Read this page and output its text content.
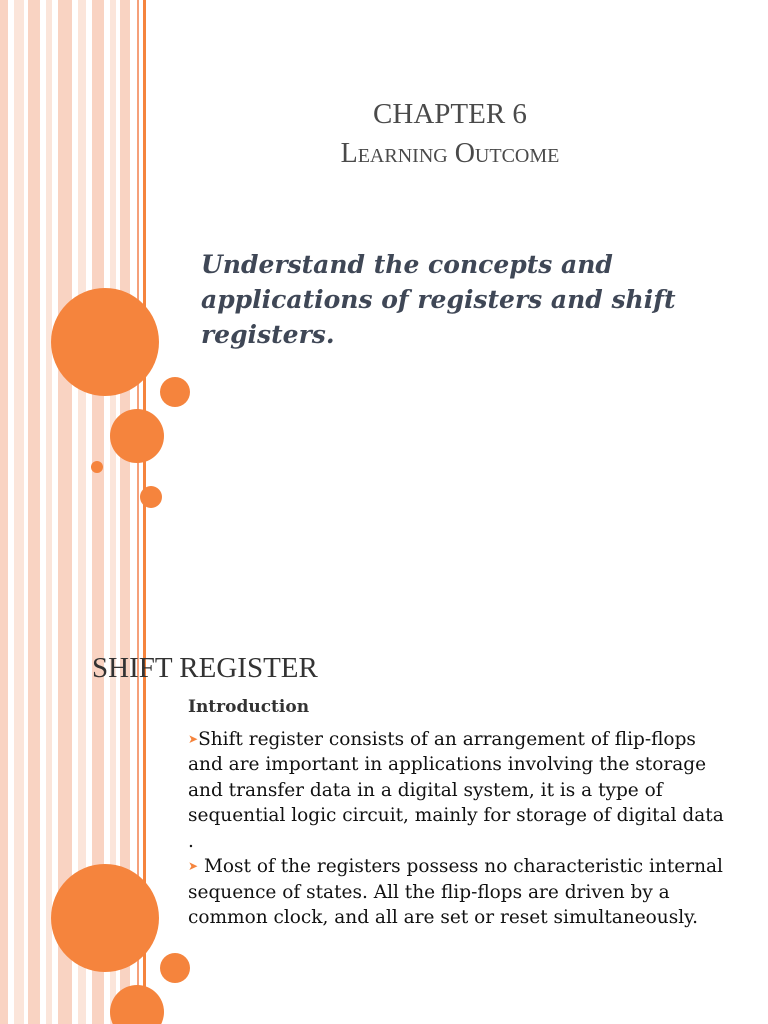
CHAPTER 6
Learning Outcome
Understand the concepts and applications of registers and shift registers.
SHIFT REGISTER

Introduction

➤Shift register consists of an arrangement of flip-flops and are important in applications involving the storage and transfer data in a digital system, it is a type of sequential logic circuit, mainly for storage of digital data

.

➤ Most of the registers possess no characteristic internal sequence of states. All the flip-flops are driven by a common clock, and all are set or reset simultaneously.
